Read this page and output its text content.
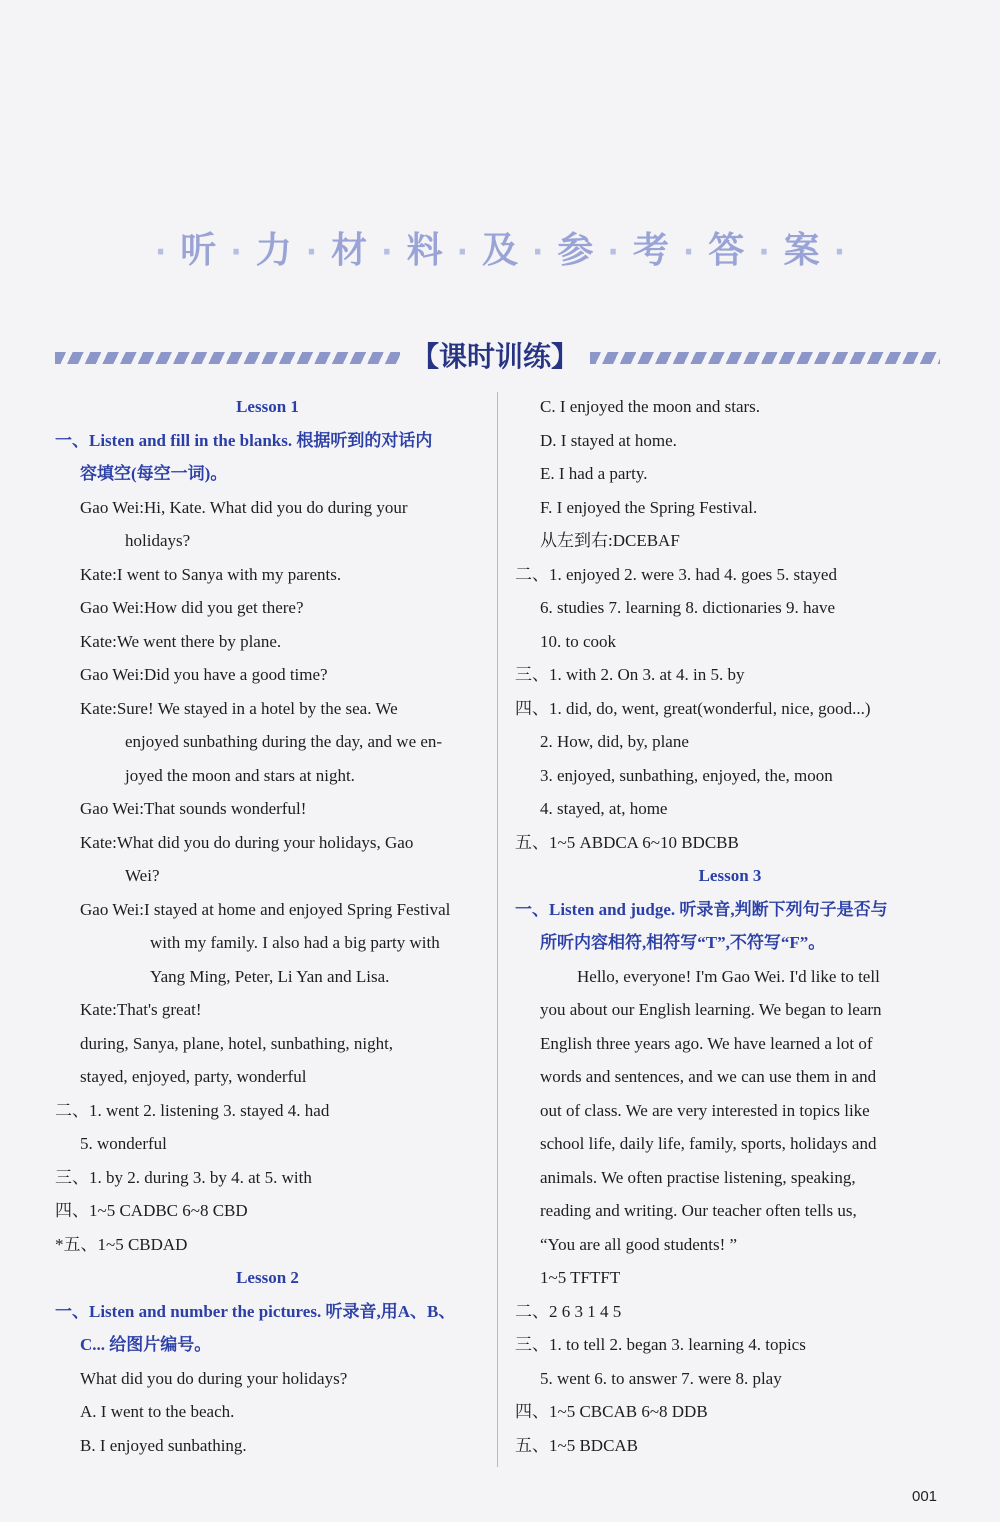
· 听 · 力 · 材 · 料 · 及 · 参 · 考 · 答 · 案 ·
【课时训练】
Lesson 1
一、Listen and fill in the blanks. 根据听到的对话内
容填空(每空一词)。
Gao Wei:Hi, Kate. What did you do during your
holidays?
Kate:I went to Sanya with my parents.
Gao Wei:How did you get there?
Kate:We went there by plane.
Gao Wei:Did you have a good time?
Kate:Sure! We stayed in a hotel by the sea. We
enjoyed sunbathing during the day, and we en-
joyed the moon and stars at night.
Gao Wei:That sounds wonderful!
Kate:What did you do during your holidays, Gao
Wei?
Gao Wei:I stayed at home and enjoyed Spring Festival
with my family. I also had a big party with
Yang Ming, Peter, Li Yan and Lisa.
Kate:That's great!
during, Sanya, plane, hotel, sunbathing, night,
stayed, enjoyed, party, wonderful
二、1. went 2. listening 3. stayed 4. had
5. wonderful
三、1. by 2. during 3. by 4. at 5. with
四、1~5 CADBC 6~8 CBD
*五、1~5 CBDAD
Lesson 2
一、Listen and number the pictures. 听录音,用A、B、
C... 给图片编号。
What did you do during your holidays?
A. I went to the beach.
B. I enjoyed sunbathing.
C. I enjoyed the moon and stars.
D. I stayed at home.
E. I had a party.
F. I enjoyed the Spring Festival.
从左到右:DCEBAF
二、1. enjoyed 2. were 3. had 4. goes 5. stayed
6. studies 7. learning 8. dictionaries 9. have
10. to cook
三、1. with 2. On 3. at 4. in 5. by
四、1. did, do, went, great(wonderful, nice, good...)
2. How, did, by, plane
3. enjoyed, sunbathing, enjoyed, the, moon
4. stayed, at, home
五、1~5 ABDCA 6~10 BDCBB
Lesson 3
一、Listen and judge. 听录音,判断下列句子是否与
所听内容相符,相符写“T”,不符写“F”。
Hello, everyone! I'm Gao Wei. I'd like to tell
you about our English learning. We began to learn
English three years ago. We have learned a lot of
words and sentences, and we can use them in and
out of class. We are very interested in topics like
school life, daily life, family, sports, holidays and
animals. We often practise listening, speaking,
reading and writing. Our teacher often tells us,
“You are all good students! ”
1~5 TFTFT
二、2 6 3 1 4 5
三、1. to tell 2. began 3. learning 4. topics
5. went 6. to answer 7. were 8. play
四、1~5 CBCAB 6~8 DDB
五、1~5 BDCAB
001
